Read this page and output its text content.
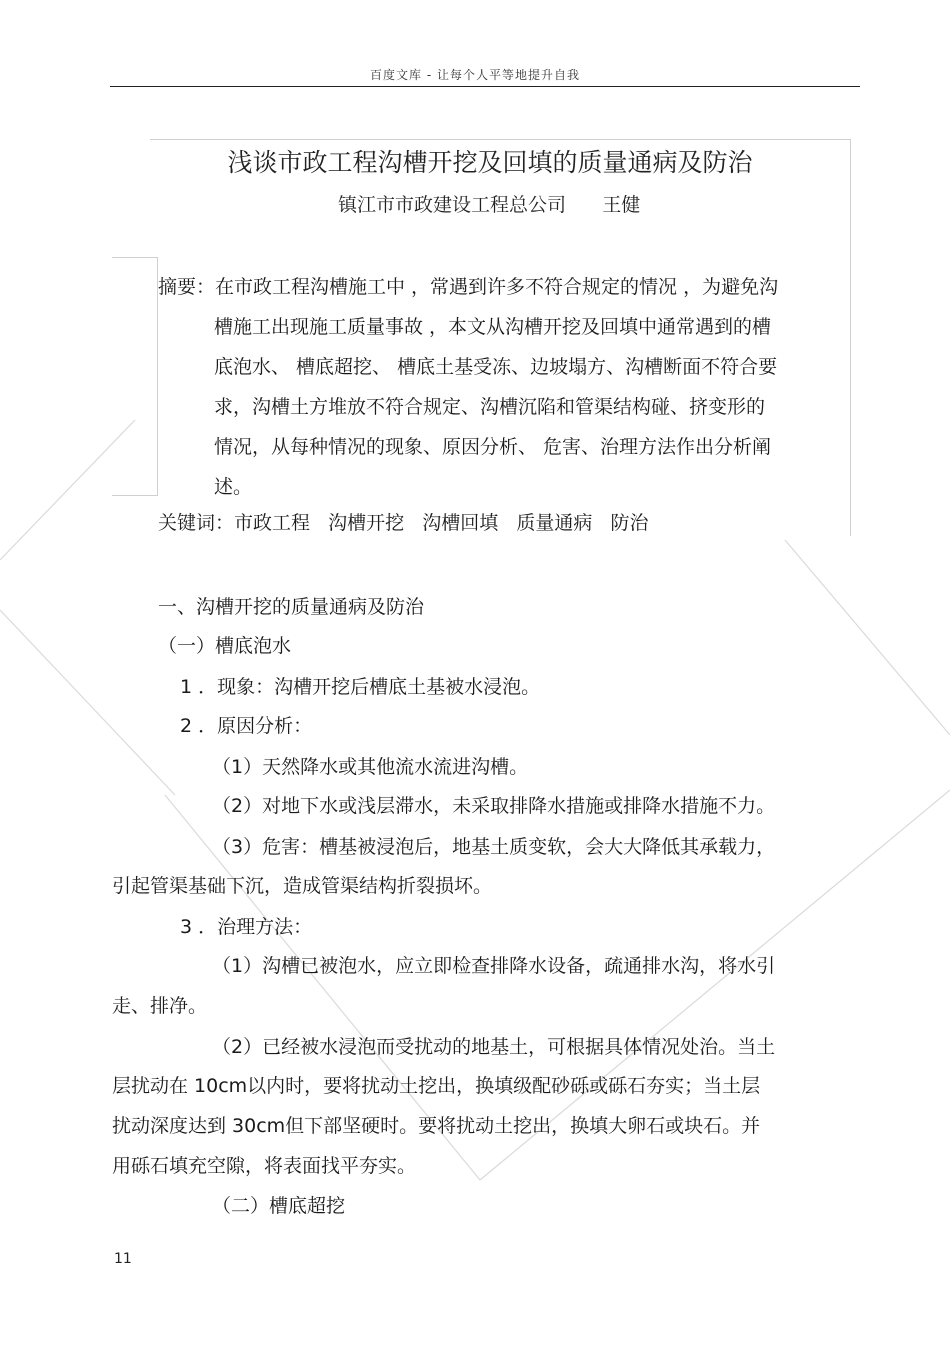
百度文库 - 让每个人平等地提升自我
浅谈市政工程沟槽开挖及回填的质量通病及防治
镇江市市政建设工程总公司      王健
摘要：在市政工程沟槽施工中 ，常遇到许多不符合规定的情况 ，为避免沟
槽施工出现施工质量事故 ，本文从沟槽开挖及回填中通常遇到的槽
底泡水、 槽底超挖、 槽底土基受冻、边坡塌方、沟槽断面不符合要
求，沟槽土方堆放不符合规定、沟槽沉陷和管渠结构碰、挤变形的
情况，从每种情况的现象、原因分析、 危害、治理方法作出分析阐
述。
关键词：市政工程   沟槽开挖   沟槽回填   质量通病   防治
一、沟槽开挖的质量通病及防治
（一）槽底泡水
1 ．现象：沟槽开挖后槽底土基被水浸泡。
2 ．原因分析：
（1）天然降水或其他流水流进沟槽。
（2）对地下水或浅层滞水，未采取排降水措施或排降水措施不力。
（3）危害：槽基被浸泡后，地基土质变软，会大大降低其承载力，
引起管渠基础下沉，造成管渠结构折裂损坏。
3 ．治理方法：
（1）沟槽已被泡水，应立即检查排降水设备，疏通排水沟，将水引
走、排净。
（2）已经被水浸泡而受扰动的地基土，可根据具体情况处治。当土
层扰动在 10cm以内时，要将扰动土挖出，换填级配砂砾或砾石夯实；当土层
扰动深度达到 30cm但下部坚硬时。要将扰动土挖出，换填大卵石或块石。并
用砾石填充空隙，将表面找平夯实。
（二）槽底超挖
11
